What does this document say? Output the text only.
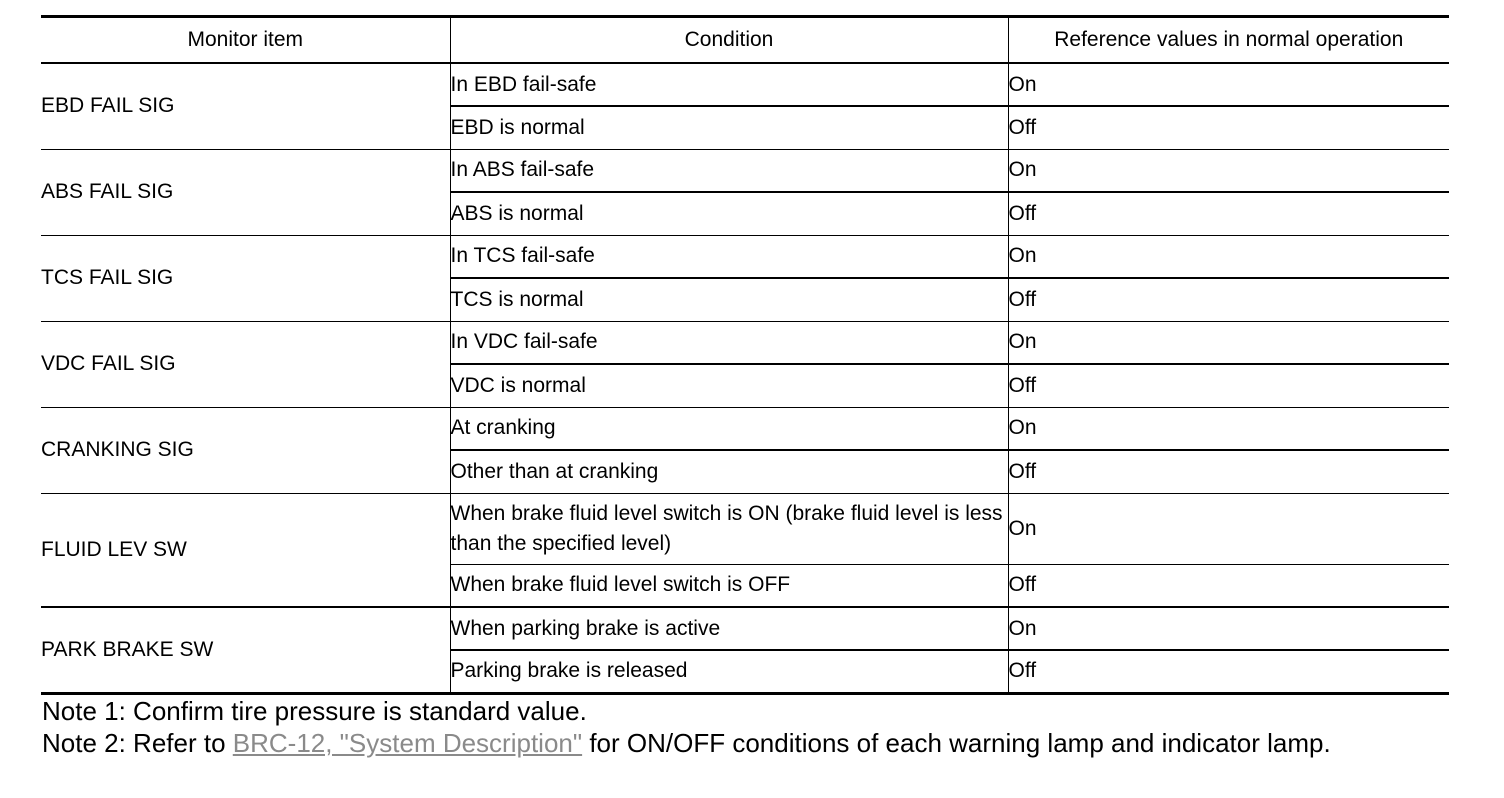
Monitor item	Condition	Reference values in normal operation
EBD FAIL SIG	In EBD fail-safe	On
	EBD is normal	Off
ABS FAIL SIG	In ABS fail-safe	On
	ABS is normal	Off
TCS FAIL SIG	In TCS fail-safe	On
	TCS is normal	Off
VDC FAIL SIG	In VDC fail-safe	On
	VDC is normal	Off
CRANKING SIG	At cranking	On
	Other than at cranking	Off
FLUID LEV SW	When brake fluid level switch is ON (brake fluid level is less than the specified level)	On
	When brake fluid level switch is OFF	Off
PARK BRAKE SW	When parking brake is active	On
	Parking brake is released	Off

Note 1: Confirm tire pressure is standard value.

Note 2: Refer to BRC-12, "System Description" for ON/OFF conditions of each warning lamp and indicator lamp.
